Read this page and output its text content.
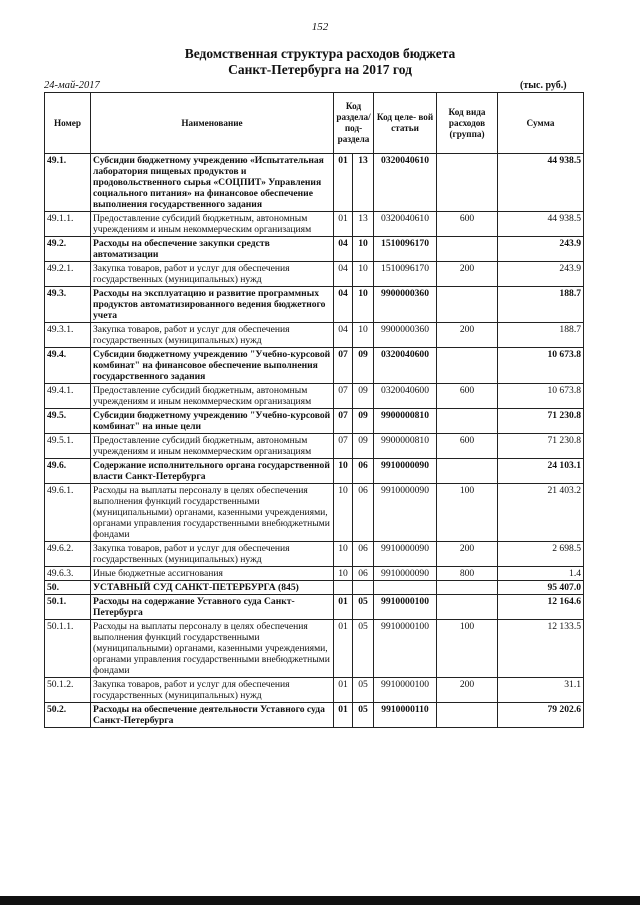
152
Ведомственная структура расходов бюджета
Санкт-Петербурга на 2017 год
24-май-2017	(тыс. руб.)
Номер	Наименование	Код раздела/ под- раздела		Код целе- вой статьи	Код вида расходов (группа)	Сумма
49.1.	Субсидии бюджетному учреждению «Испытательная лаборатория пищевых продуктов и продовольственного сырья «СОЦПИТ» Управления социального питания» на финансовое обеспечение выполнения государственного задания	01	13	0320040610		44 938.5
49.1.1.	Предоставление субсидий бюджетным, автономным учреждениям и иным некоммерческим организациям	01	13	0320040610	600	44 938.5
49.2.	Расходы на обеспечение закупки средств автоматизации	04	10	1510096170		243.9
49.2.1.	Закупка товаров, работ и услуг для обеспечения государственных (муниципальных) нужд	04	10	1510096170	200	243.9
49.3.	Расходы на эксплуатацию и развитие программных продуктов автоматизированного ведения бюджетного учета	04	10	9900000360		188.7
49.3.1.	Закупка товаров, работ и услуг для обеспечения государственных (муниципальных) нужд	04	10	9900000360	200	188.7
49.4.	Субсидии бюджетному учреждению "Учебно-курсовой комбинат" на финансовое обеспечение выполнения государственного задания	07	09	0320040600		10 673.8
49.4.1.	Предоставление субсидий бюджетным, автономным учреждениям и иным некоммерческим организациям	07	09	0320040600	600	10 673.8
49.5.	Субсидии бюджетному учреждению "Учебно-курсовой комбинат" на иные цели	07	09	9900000810		71 230.8
49.5.1.	Предоставление субсидий бюджетным, автономным учреждениям и иным некоммерческим организациям	07	09	9900000810	600	71 230.8
49.6.	Содержание исполнительного органа государственной власти Санкт-Петербурга	10	06	9910000090		24 103.1
49.6.1.	Расходы на выплаты персоналу в целях обеспечения выполнения функций государственными (муниципальными) органами, казенными учреждениями, органами управления государственными внебюджетными фондами	10	06	9910000090	100	21 403.2
49.6.2.	Закупка товаров, работ и услуг для обеспечения государственных (муниципальных) нужд	10	06	9910000090	200	2 698.5
49.6.3.	Иные бюджетные ассигнования	10	06	9910000090	800	1.4
50.	УСТАВНЫЙ СУД САНКТ-ПЕТЕРБУРГА (845)					95 407.0
50.1.	Расходы на содержание Уставного суда Санкт-Петербурга	01	05	9910000100		12 164.6
50.1.1.	Расходы на выплаты персоналу в целях обеспечения выполнения функций государственными (муниципальными) органами, казенными учреждениями, органами управления государственными внебюджетными фондами	01	05	9910000100	100	12 133.5
50.1.2.	Закупка товаров, работ и услуг для обеспечения государственных (муниципальных) нужд	01	05	9910000100	200	31.1
50.2.	Расходы на обеспечение деятельности Уставного суда Санкт-Петербурга	01	05	9910000110		79 202.6
